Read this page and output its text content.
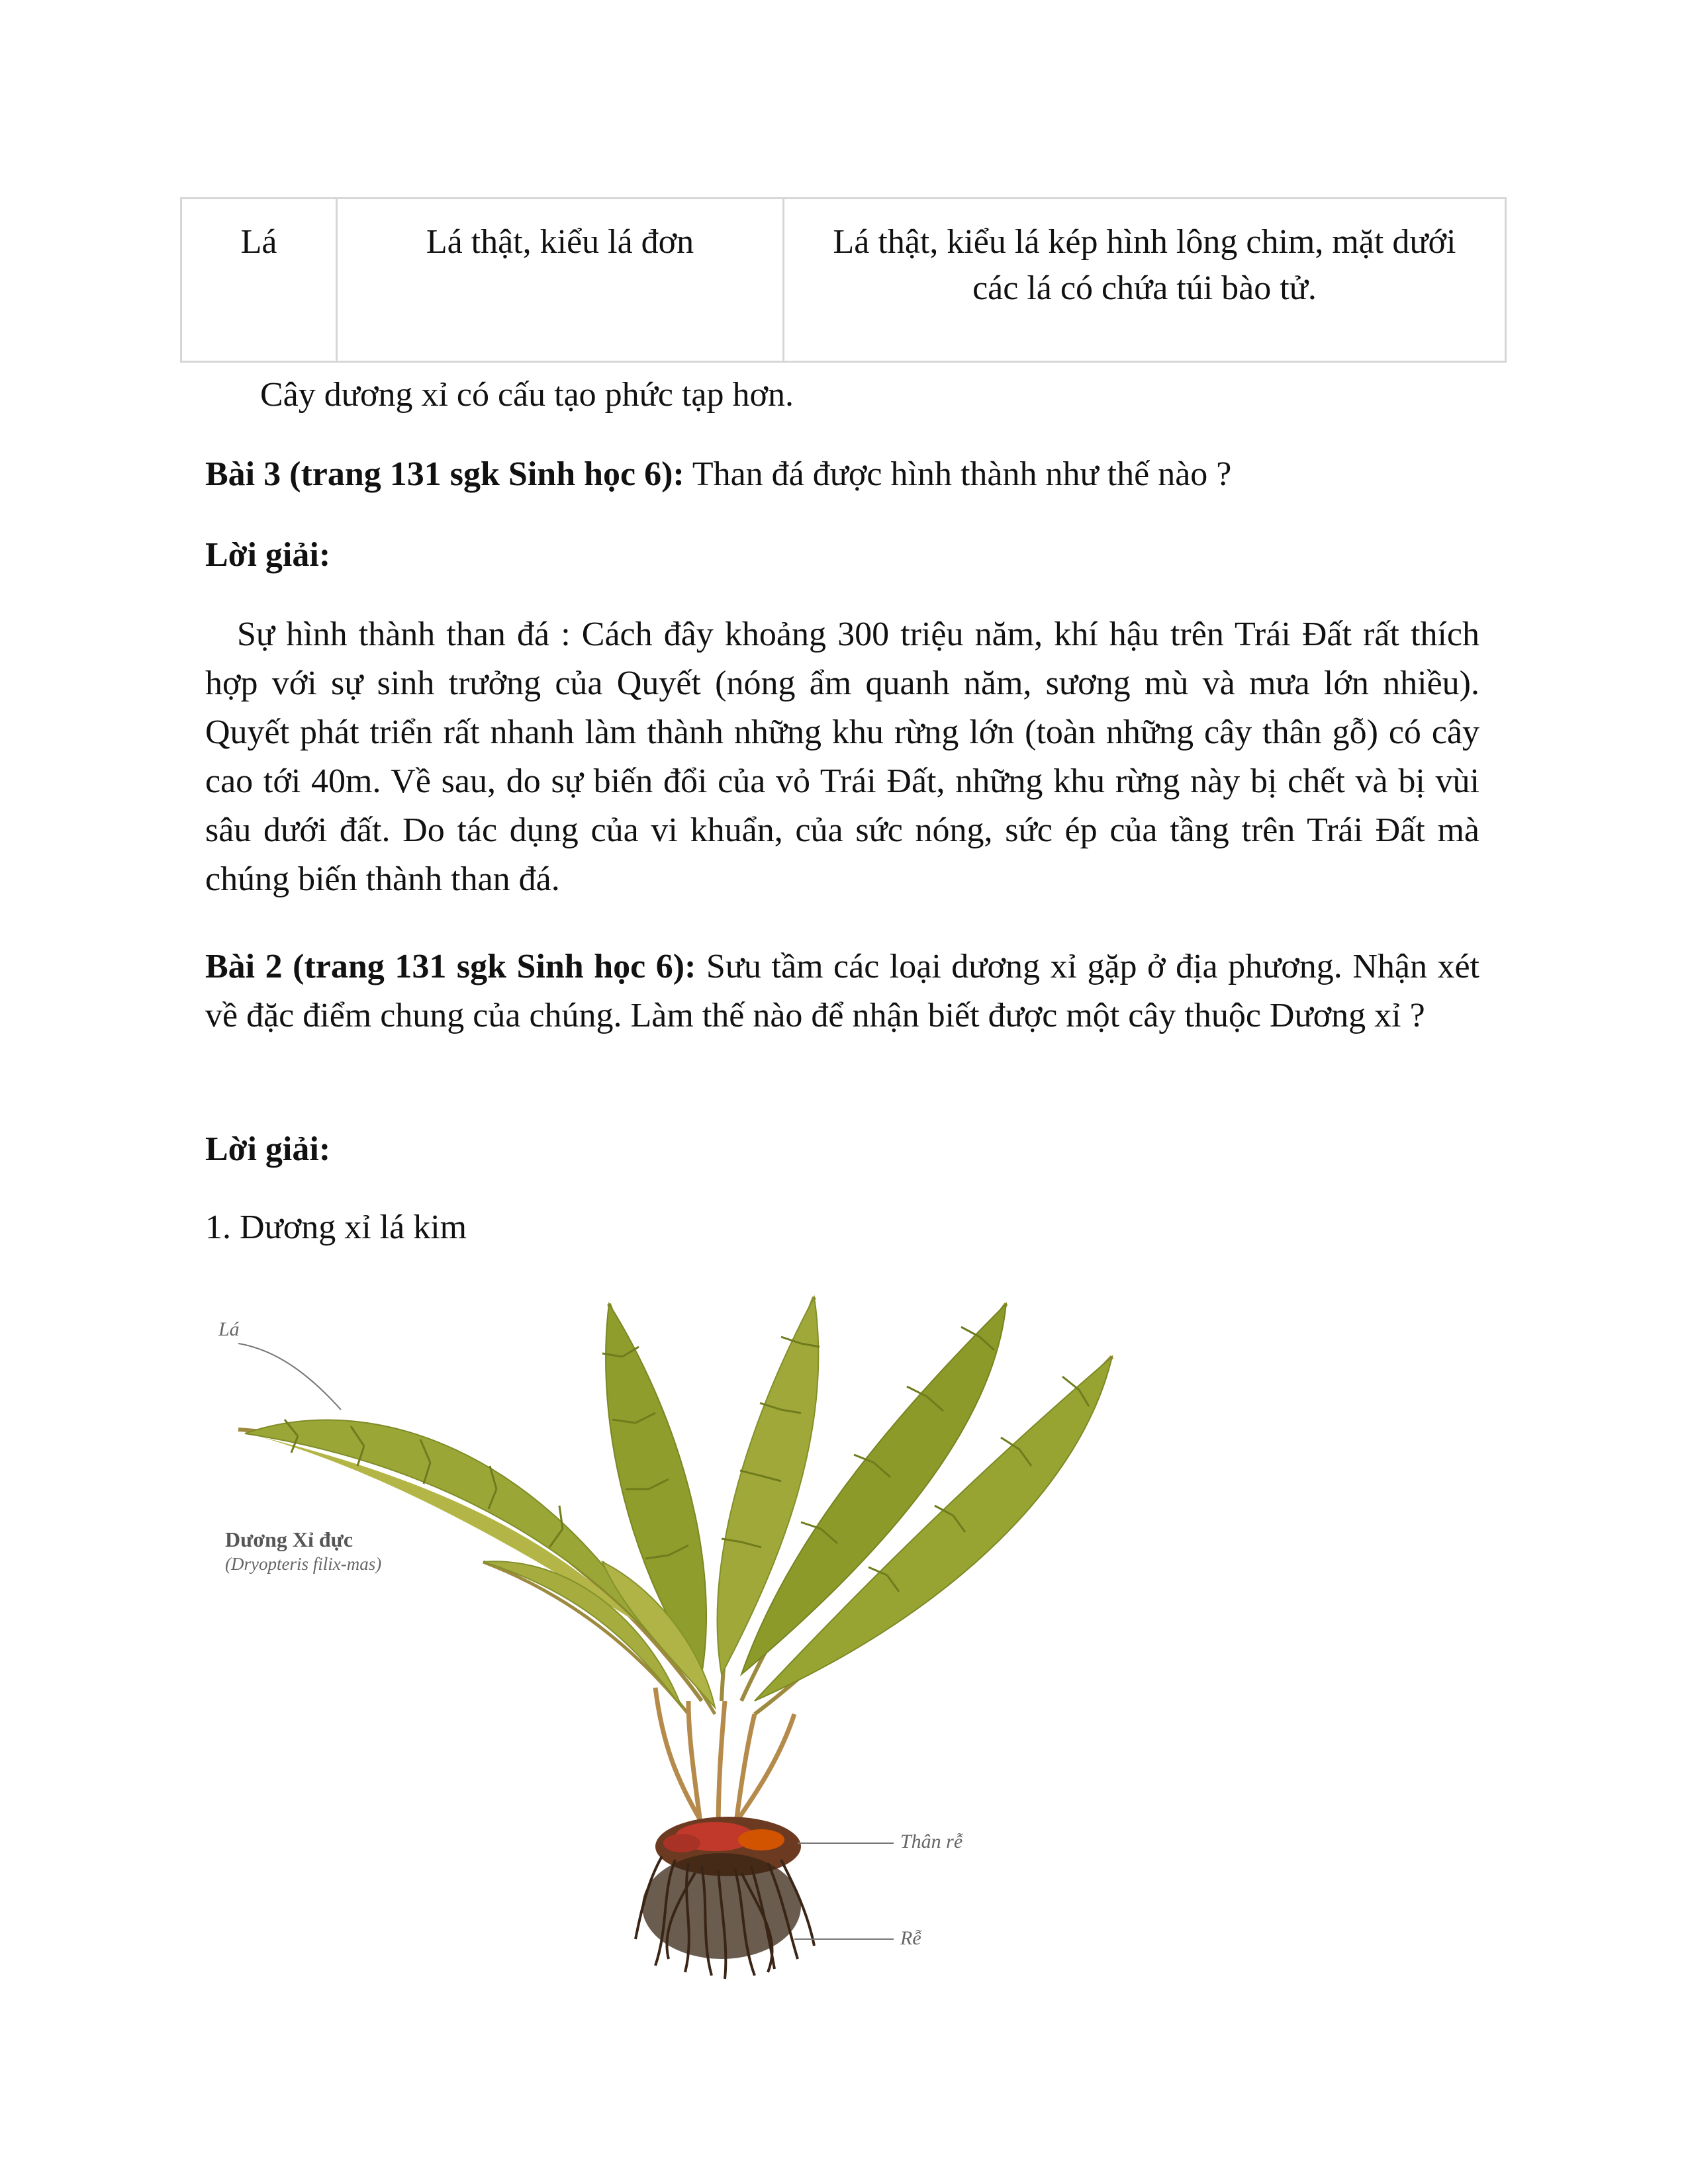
Lá	Lá thật, kiểu lá đơn	Lá thật, kiểu lá kép hình lông chim, mặt dưới các lá có chứa túi bào tử.

Cây dương xỉ có cấu tạo phức tạp hơn.

Bài 3 (trang 131 sgk Sinh học 6): Than đá được hình thành như thế nào ?

Lời giải:

Sự hình thành than đá : Cách đây khoảng 300 triệu năm, khí hậu trên Trái Đất rất thích hợp với sự sinh trưởng của Quyết (nóng ẩm quanh năm, sương mù và mưa lớn nhiều). Quyết phát triển rất nhanh làm thành những khu rừng lớn (toàn những cây thân gỗ) có cây cao tới 40m. Về sau, do sự biến đổi của vỏ Trái Đất, những khu rừng này bị chết và bị vùi sâu dưới đất. Do tác dụng của vi khuẩn, của sức nóng, sức ép của tầng trên Trái Đất mà chúng biến thành than đá.

Bài 2 (trang 131 sgk Sinh học 6): Sưu tầm các loại dương xỉ gặp ở địa phương. Nhận xét về đặc điểm chung của chúng. Làm thế nào để nhận biết được một cây thuộc Dương xỉ ?

Lời giải:

1. Dương xỉ lá kim

Lá
Dương Xỉ đực
(Dryopteris filix-mas)
Thân rễ
Rễ
